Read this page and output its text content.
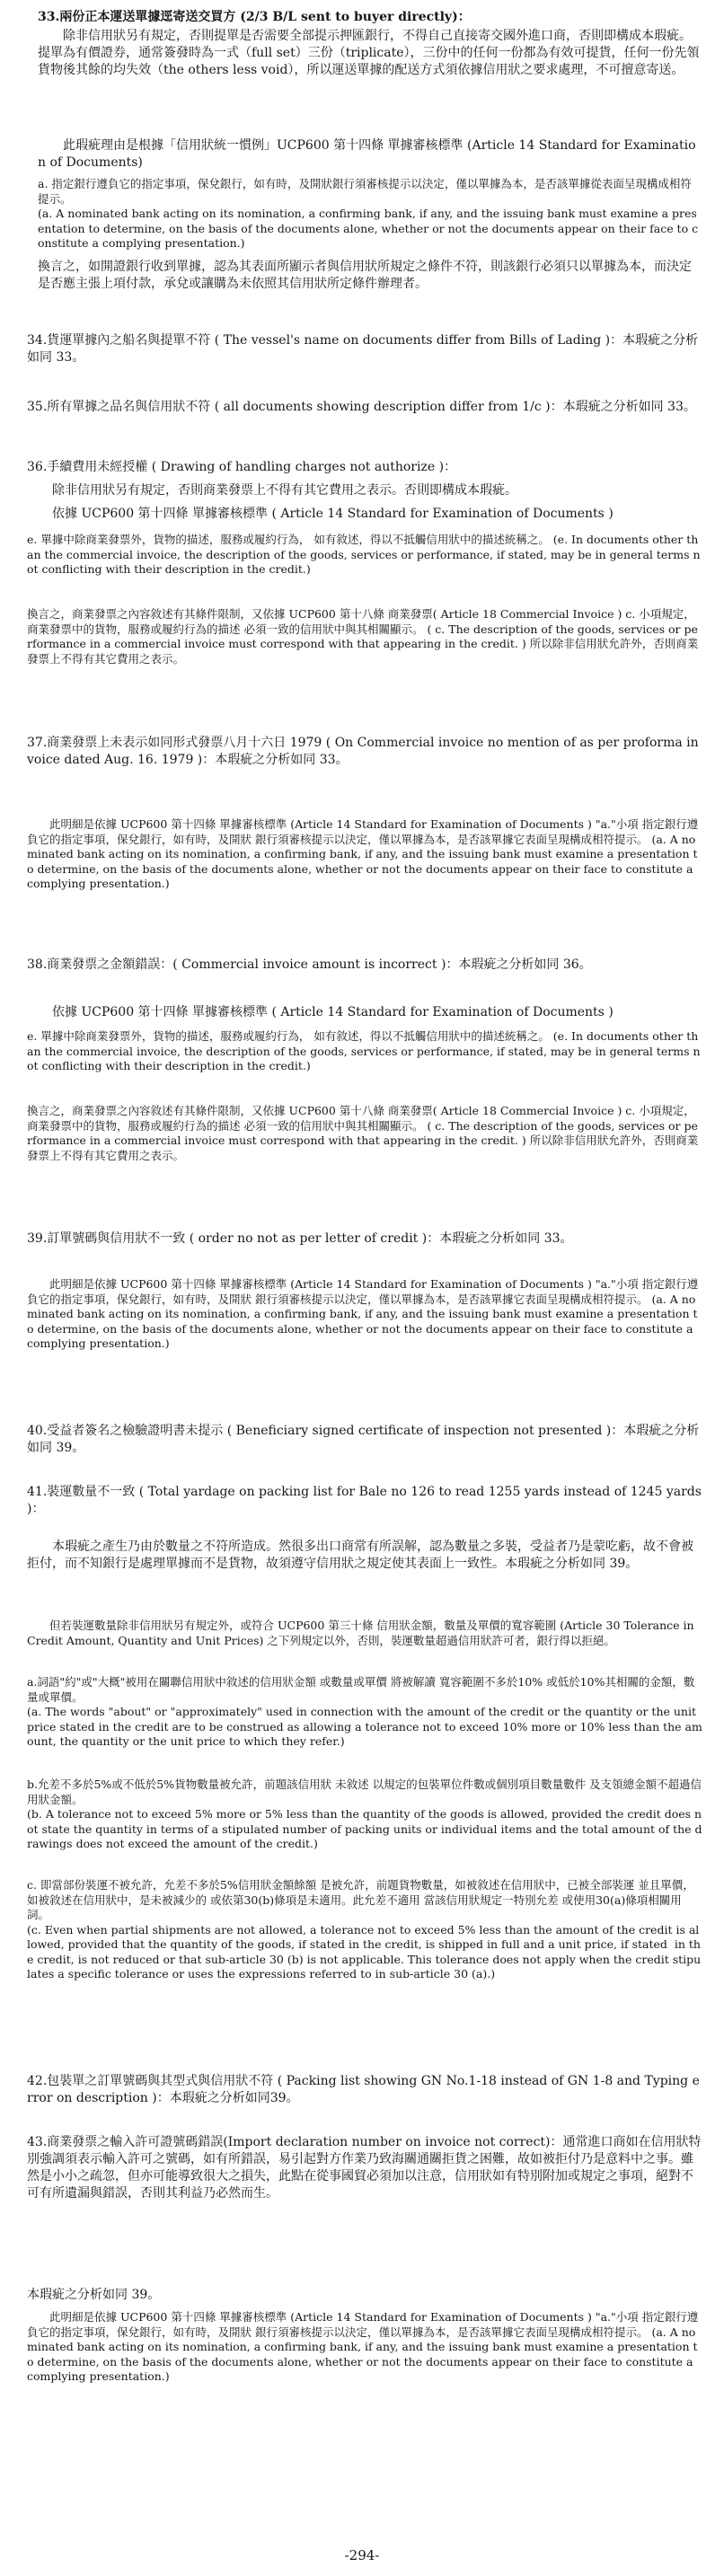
33.兩份正本運送單據逕寄送交買方 (2/3 B/L sent to buyer directly)：

　　除非信用狀另有規定，否則提單是否需要全部提示押匯銀行，不得自己直接寄交國外進口商，否則即構成本瑕疵。提單為有價證券，通常簽發時為一式（full set）三份（triplicate），三份中的任何一份都為有效可提貨，任何一份先領貨物後其餘的均失效（the others less void），所以運送單據的配送方式須依據信用狀之要求處理，不可擅意寄送。

　　此瑕疵理由是根據「信用狀統一慣例」UCP600 第十四條 單據審核標準 (Article 14 Standard for Examination of Documents)

a. 指定銀行遵負它的指定事項，保兌銀行，如有時，及開狀銀行須審核提示以決定，僅以單據為本，是否該單據從表面呈現構成相符提示。
(a. A nominated bank acting on its nomination, a confirming bank, if any, and the issuing bank must examine a presentation to determine, on the basis of the documents alone, whether or not the documents appear on their face to constitute a complying presentation.)

換言之，如開證銀行收到單據，認為其表面所顯示者與信用狀所規定之條件不符，則該銀行必須只以單據為本，而決定是否應主張上項付款，承兌或讓購為未依照其信用狀所定條件辦理者。

34.貨運單據內之船名與提單不符 ( The vessel's name on documents differ from Bills of Lading )：本瑕疵之分析如同 33。

35.所有單據之品名與信用狀不符 ( all documents showing description differ from 1/c )：本瑕疵之分析如同 33。

36.手續費用未經授權 ( Drawing of handling charges not authorize )：

　　除非信用狀另有規定，否則商業發票上不得有其它費用之表示。否則即構成本瑕疵。

　　依據 UCP600 第十四條 單據審核標準 ( Article 14 Standard for Examination of Documents )

e. 單據中除商業發票外，貨物的描述，服務或履約行為， 如有敘述，得以不抵觸信用狀中的描述統稱之。 (e. In documents other than the commercial invoice, the description of the goods, services or performance, if stated, may be in general terms not conflicting with their description in the credit.)

換言之，商業發票之內容敘述有其條件限制，又依據 UCP600 第十八條 商業發票( Article 18 Commercial Invoice ) c. 小項規定， 商業發票中的貨物，服務或履約行為的描述 必須一致的信用狀中與其相關顯示。 ( c. The description of the goods, services or performance in a commercial invoice must correspond with that appearing in the credit. ) 所以除非信用狀允許外，否則商業發票上不得有其它費用之表示。

37.商業發票上未表示如同形式發票八月十六日 1979 ( On Commercial invoice no mention of as per proforma invoice dated Aug. 16. 1979 )：本瑕疵之分析如同 33。

　　此明細是依據 UCP600 第十四條 單據審核標準 (Article 14 Standard for Examination of Documents ) "a."小項 指定銀行遵負它的指定事項，保兌銀行，如有時，及開狀 銀行須審核提示以決定，僅以單據為本，是否該單據它表面呈現構成相符提示。 (a. A nominated bank acting on its nomination, a confirming bank, if any, and the issuing bank must examine a presentation to determine, on the basis of the documents alone, whether or not the documents appear on their face to constitute a complying presentation.)

38.商業發票之金額錯誤：( Commercial invoice amount is incorrect )：本瑕疵之分析如同 36。

　　依據 UCP600 第十四條 單據審核標準 ( Article 14 Standard for Examination of Documents )

e. 單據中除商業發票外，貨物的描述，服務或履約行為， 如有敘述，得以不抵觸信用狀中的描述統稱之。 (e. In documents other than the commercial invoice, the description of the goods, services or performance, if stated, may be in general terms not conflicting with their description in the credit.)

換言之，商業發票之內容敘述有其條件限制，又依據 UCP600 第十八條 商業發票( Article 18 Commercial Invoice ) c. 小項規定， 商業發票中的貨物，服務或履約行為的描述 必須一致的信用狀中與其相關顯示。 ( c. The description of the goods, services or performance in a commercial invoice must correspond with that appearing in the credit. ) 所以除非信用狀允許外，否則商業發票上不得有其它費用之表示。

39.訂單號碼與信用狀不一致 ( order no not as per letter of credit )：本瑕疵之分析如同 33。

　　此明細是依據 UCP600 第十四條 單據審核標準 (Article 14 Standard for Examination of Documents ) "a."小項 指定銀行遵負它的指定事項，保兌銀行，如有時，及開狀 銀行須審核提示以決定，僅以單據為本，是否該單據它表面呈現構成相符提示。 (a. A nominated bank acting on its nomination, a confirming bank, if any, and the issuing bank must examine a presentation to determine, on the basis of the documents alone, whether or not the documents appear on their face to constitute a complying presentation.)

40.受益者簽名之檢驗證明書未提示 ( Beneficiary signed certificate of inspection not presented )：本瑕疵之分析如同 39。

41.裝運數量不一致 ( Total yardage on packing list for Bale no 126 to read 1255 yards instead of 1245 yards )：

　　本瑕疵之產生乃由於數量之不符所造成。然很多出口商常有所誤解，認為數量之多裝，受益者乃是蒙吃虧，故不會被拒付，而不知銀行是處理單據而不是貨物，故須遵守信用狀之規定使其表面上一致性。本瑕疵之分析如同 39。

　　但若裝運數量除非信用狀另有規定外，或符合 UCP600 第三十條 信用狀金額，數量及單價的寬容範圍 (Article 30 Tolerance in Credit Amount, Quantity and Unit Prices) 之下列規定以外，否則，裝運數量超過信用狀許可者，銀行得以拒絕。

a.詞語"約"或"大概"被用在關聯信用狀中敘述的信用狀金額 或數量或單價 將被解讀 寬容範圍不多於10% 或低於10%其相關的金額，數量或單價。
(a. The words "about" or "approximately" used in connection with the amount of the credit or the quantity or the unit  price stated in the credit are to be construed as allowing a tolerance not to exceed 10% more or 10% less than the amount, the quantity or the unit price to which they refer.)

b.允差不多於5%或不低於5%貨物數量被允許，前題該信用狀 未敘述 以規定的包裝單位件數或個別項目數量數件 及支領總金額不超過信用狀金額。
(b. A tolerance not to exceed 5% more or 5% less than the quantity of the goods is allowed, provided the credit does not state the quantity in terms of a stipulated number of packing units or individual items and the total amount of the drawings does not exceed the amount of the credit.)

c. 即當部份裝運不被允許，允差不多於5%信用狀金額餘額 是被允許，前題貨物數量，如被敘述在信用狀中，已被全部裝運 並且單價，如被敘述在信用狀中，是未被減少的 或依第30(b)條項是未適用。此允差不適用 當該信用狀規定一特別允差 或使用30(a)條項相關用詞。
(c. Even when partial shipments are not allowed, a tolerance not to exceed 5% less than the amount of the credit is allowed, provided that the quantity of the goods, if stated in the credit, is shipped in full and a unit price, if stated  in the credit, is not reduced or that sub-article 30 (b) is not applicable. This tolerance does not apply when the credit stipulates a specific tolerance or uses the expressions referred to in sub-article 30 (a).)

42.包裝單之訂單號碼與其型式與信用狀不符 ( Packing list showing GN No.1-18 instead of GN 1-8 and Typing error on description )：本瑕疵之分析如同39。

43.商業發票之輸入許可證號碼錯誤(Import declaration number on invoice not correct)：通常進口商如在信用狀特別強調須表示輸入許可之號碼，如有所錯誤，易引起對方作業乃致海關通關拒貨之困難，故如被拒付乃是意料中之事。雖然是小小之疏忽，但亦可能導致很大之損失，此點在從事國貿必須加以注意，信用狀如有特別附加或規定之事項，絕對不可有所遺漏與錯誤，否則其利益乃必然而生。

本瑕疵之分析如同 39。

　　此明細是依據 UCP600 第十四條 單據審核標準 (Article 14 Standard for Examination of Documents ) "a."小項 指定銀行遵負它的指定事項，保兌銀行，如有時，及開狀 銀行須審核提示以決定，僅以單據為本，是否該單據它表面呈現構成相符提示。 (a. A nominated bank acting on its nomination, a confirming bank, if any, and the issuing bank must examine a presentation to determine, on the basis of the documents alone, whether or not the documents appear on their face to constitute a complying presentation.)

-294-
